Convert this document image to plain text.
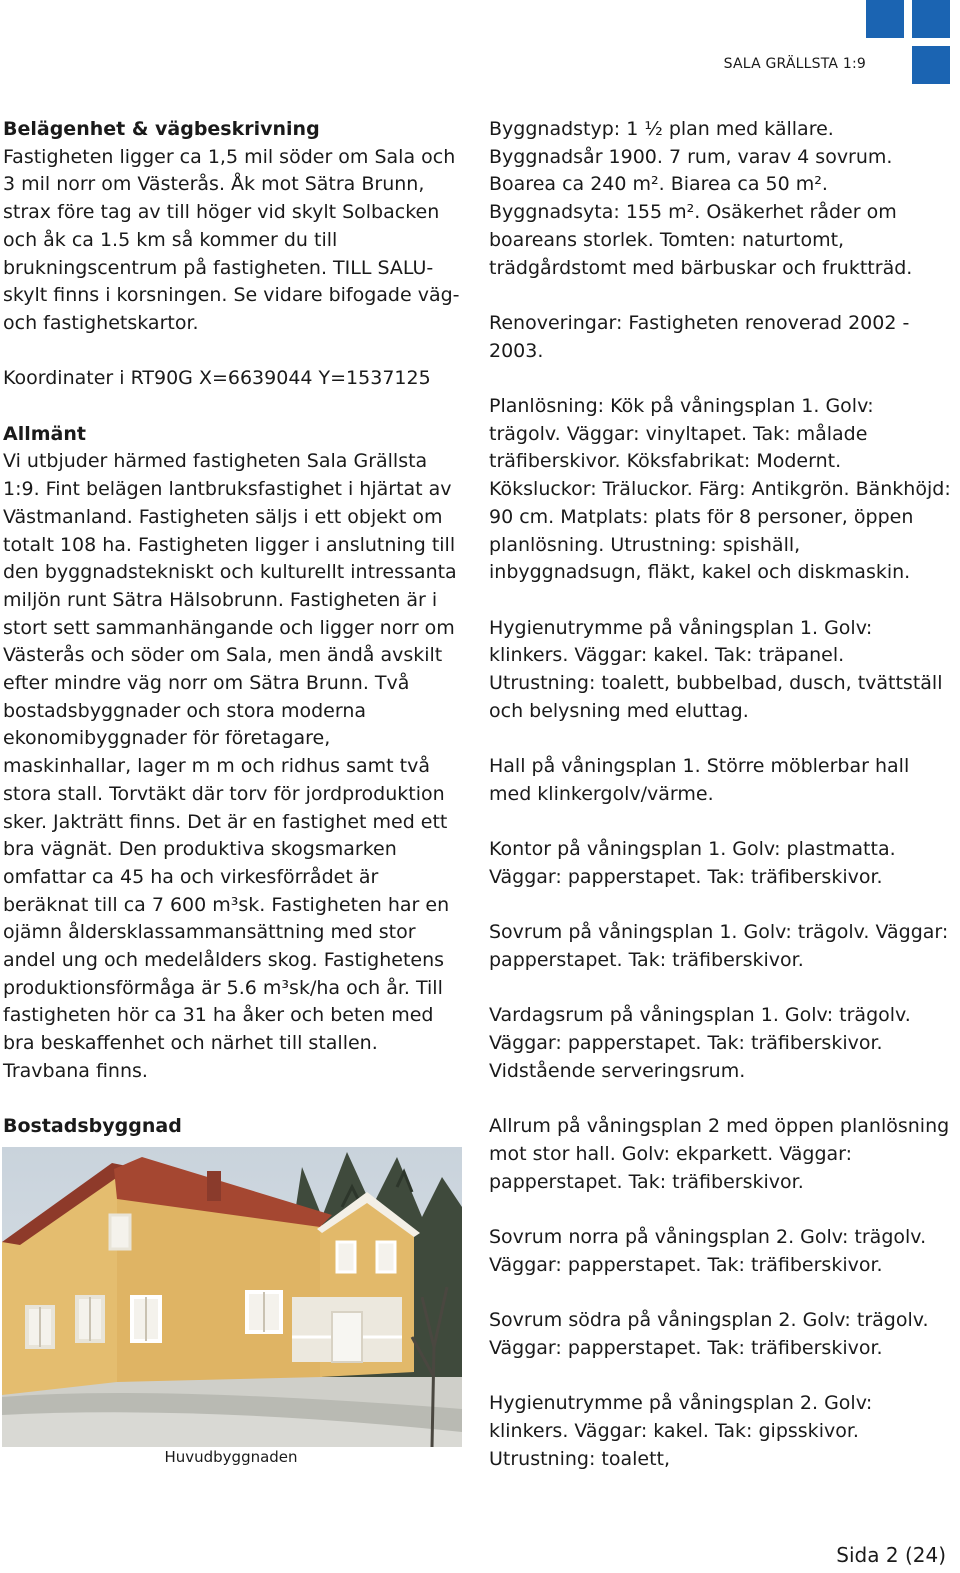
SALA GRÄLLSTA 1:9
Belägenhet & vägbeskrivning

Fastigheten ligger ca 1,5 mil söder om Sala och 3 mil norr om Västerås. Åk mot Sätra Brunn, strax före tag av till höger vid skylt Solbacken och åk ca 1.5 km så kommer du till brukningscentrum på fastigheten. TILL SALU-skylt finns i korsningen. Se vidare bifogade väg- och fastighetskartor.

Koordinater i RT90G X=6639044 Y=1537125

Allmänt

Vi utbjuder härmed fastigheten Sala Grällsta 1:9. Fint belägen lantbruksfastighet i hjärtat av Västmanland. Fastigheten säljs i ett objekt om totalt 108 ha. Fastigheten ligger i anslutning till den byggnadstekniskt och kulturellt intressanta miljön runt Sätra Hälsobrunn. Fastigheten är i stort sett sammanhängande och ligger norr om Västerås och söder om Sala, men ändå avskilt efter mindre väg norr om Sätra Brunn. Två bostadsbyggnader och stora moderna ekonomibyggnader för företagare, maskinhallar, lager m m och ridhus samt två stora stall. Torvtäkt där torv för jordproduktion sker. Jakträtt finns. Det är en fastighet med ett bra vägnät. Den produktiva skogsmarken omfattar ca 45 ha och virkesförrådet är beräknat till ca 7 600 m³sk. Fastigheten har en ojämn åldersklassammansättning med stor andel ung och medelålders skog. Fastighetens produktionsförmåga är 5.6 m³sk/ha och år. Till fastigheten hör ca 31 ha åker och beten med bra beskaffenhet och närhet till stallen. Travbana finns.

Bostadsbyggnad
Huvudbyggnaden

Byggnadstyp: 1 ½ plan med källare. Byggnadsår 1900. 7 rum, varav 4 sovrum. Boarea ca 240 m². Biarea ca 50 m². Byggnadsyta: 155 m². Osäkerhet råder om boareans storlek. Tomten: naturtomt, trädgårdstomt med bärbuskar och fruktträd.

Renoveringar: Fastigheten renoverad 2002 - 2003.

Planlösning: Kök på våningsplan 1. Golv: trägolv. Väggar: vinyltapet. Tak: målade träfiberskivor. Köksfabrikat: Modernt. Köksluckor: Träluckor. Färg: Antikgrön. Bänkhöjd: 90 cm. Matplats: plats för 8 personer, öppen planlösning. Utrustning: spishäll, inbyggnadsugn, fläkt, kakel och diskmaskin.

Hygienutrymme på våningsplan 1. Golv: klinkers. Väggar: kakel. Tak: träpanel. Utrustning: toalett, bubbelbad, dusch, tvättställ och belysning med eluttag.

Hall på våningsplan 1. Större möblerbar hall med klinkergolv/värme.

Kontor på våningsplan 1. Golv: plastmatta. Väggar: papperstapet. Tak: träfiberskivor.

Sovrum på våningsplan 1. Golv: trägolv. Väggar: papperstapet. Tak: träfiberskivor.

Vardagsrum på våningsplan 1. Golv: trägolv. Väggar: papperstapet. Tak: träfiberskivor. Vidstående serveringsrum.

Allrum på våningsplan 2 med öppen planlösning mot stor hall. Golv: ekparkett. Väggar: papperstapet. Tak: träfiberskivor.

Sovrum norra på våningsplan 2. Golv: trägolv. Väggar: papperstapet. Tak: träfiberskivor.

Sovrum södra på våningsplan 2. Golv: trägolv. Väggar: papperstapet. Tak: träfiberskivor.

Hygienutrymme på våningsplan 2. Golv: klinkers. Väggar: kakel. Tak: gipsskivor. Utrustning: toalett,

Sida 2 (24)
